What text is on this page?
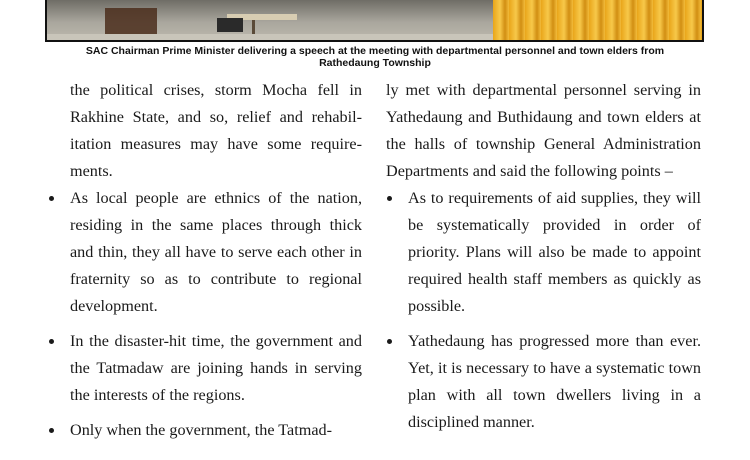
SAC Chairman Prime Minister delivering a speech at the meeting with departmental personnel and town elders from
Rathedaung Township

the political crises, storm Mocha fell in Rakhine State, and so, relief and rehabilitation measures may have some requirements.

As local people are ethnics of the nation, residing in the same places through thick and thin, they all have to serve each other in fraternity so as to contribute to regional development.

In the disaster-hit time, the government and the Tatmadaw are joining hands in serving the interests of the regions.

Only when the government, the Tatmad-

ly met with departmental personnel serving in Yathedaung and Buthidaung and town elders at the halls of township General Administration Departments and said the following points –

As to requirements of aid supplies, they will be systematically provided in order of priority. Plans will also be made to appoint required health staff members as quickly as possible.

Yathedaung has progressed more than ever. Yet, it is necessary to have a systematic town plan with all town dwellers living in a disciplined manner.
